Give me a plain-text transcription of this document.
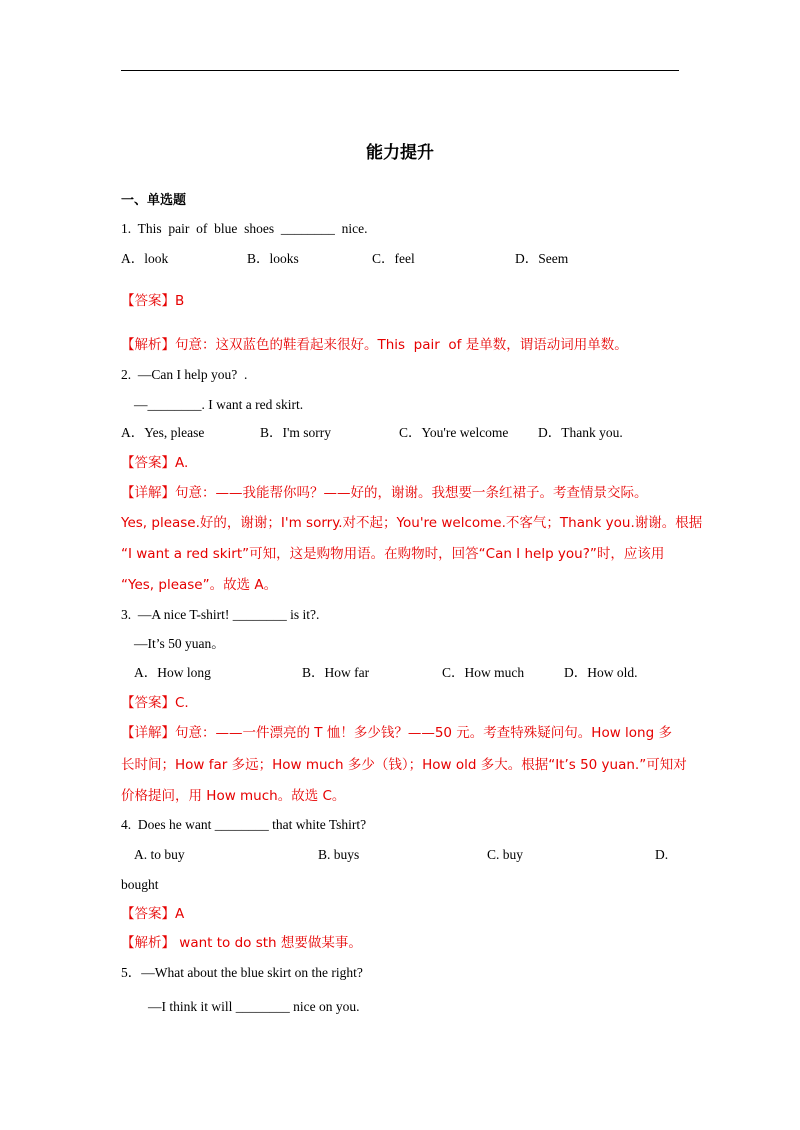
能力提升
一、单选题
1.  This  pair  of  blue  shoes  ________  nice.
A．look	B．looks	C．feel	D．Seem
【答案】B
【解析】句意：这双蓝色的鞋看起来很好。This  pair  of 是单数，谓语动词用单数。
2.  —Can I help you?  .
—________. I want a red skirt.
A．Yes, please	B．I'm sorry	C．You're welcome D．Thank you.
【答案】A.
【详解】句意：——我能帮你吗？——好的，谢谢。我想要一条红裙子。考查情景交际。
Yes, please.好的，谢谢；I'm sorry.对不起；You're welcome.不客气；Thank you.谢谢。根据
“I want a red skirt”可知，这是购物用语。在购物时，回答“Can I help you?”时，应该用
“Yes, please”。故选 A。
3.  —A nice T-shirt! ________ is it?.
—It’s 50 yuan。
A．How long	B．How far	C．How much	D．How old.
【答案】C.
【详解】句意：——一件漂亮的 T 恤！多少钱？——50 元。考查特殊疑问句。How long 多
长时间；How far 多远；How much 多少（钱）；How old 多大。根据“It’s 50 yuan.”可知对
价格提问，用 How much。故选 C。
4.  Does he want ________ that white Tshirt?
A. to buy	B. buys	C. buy	D.
bought
【答案】A
【解析】 want to do sth 想要做某事。
5．—What about the blue skirt on the right?
—I think it will ________ nice on you.
